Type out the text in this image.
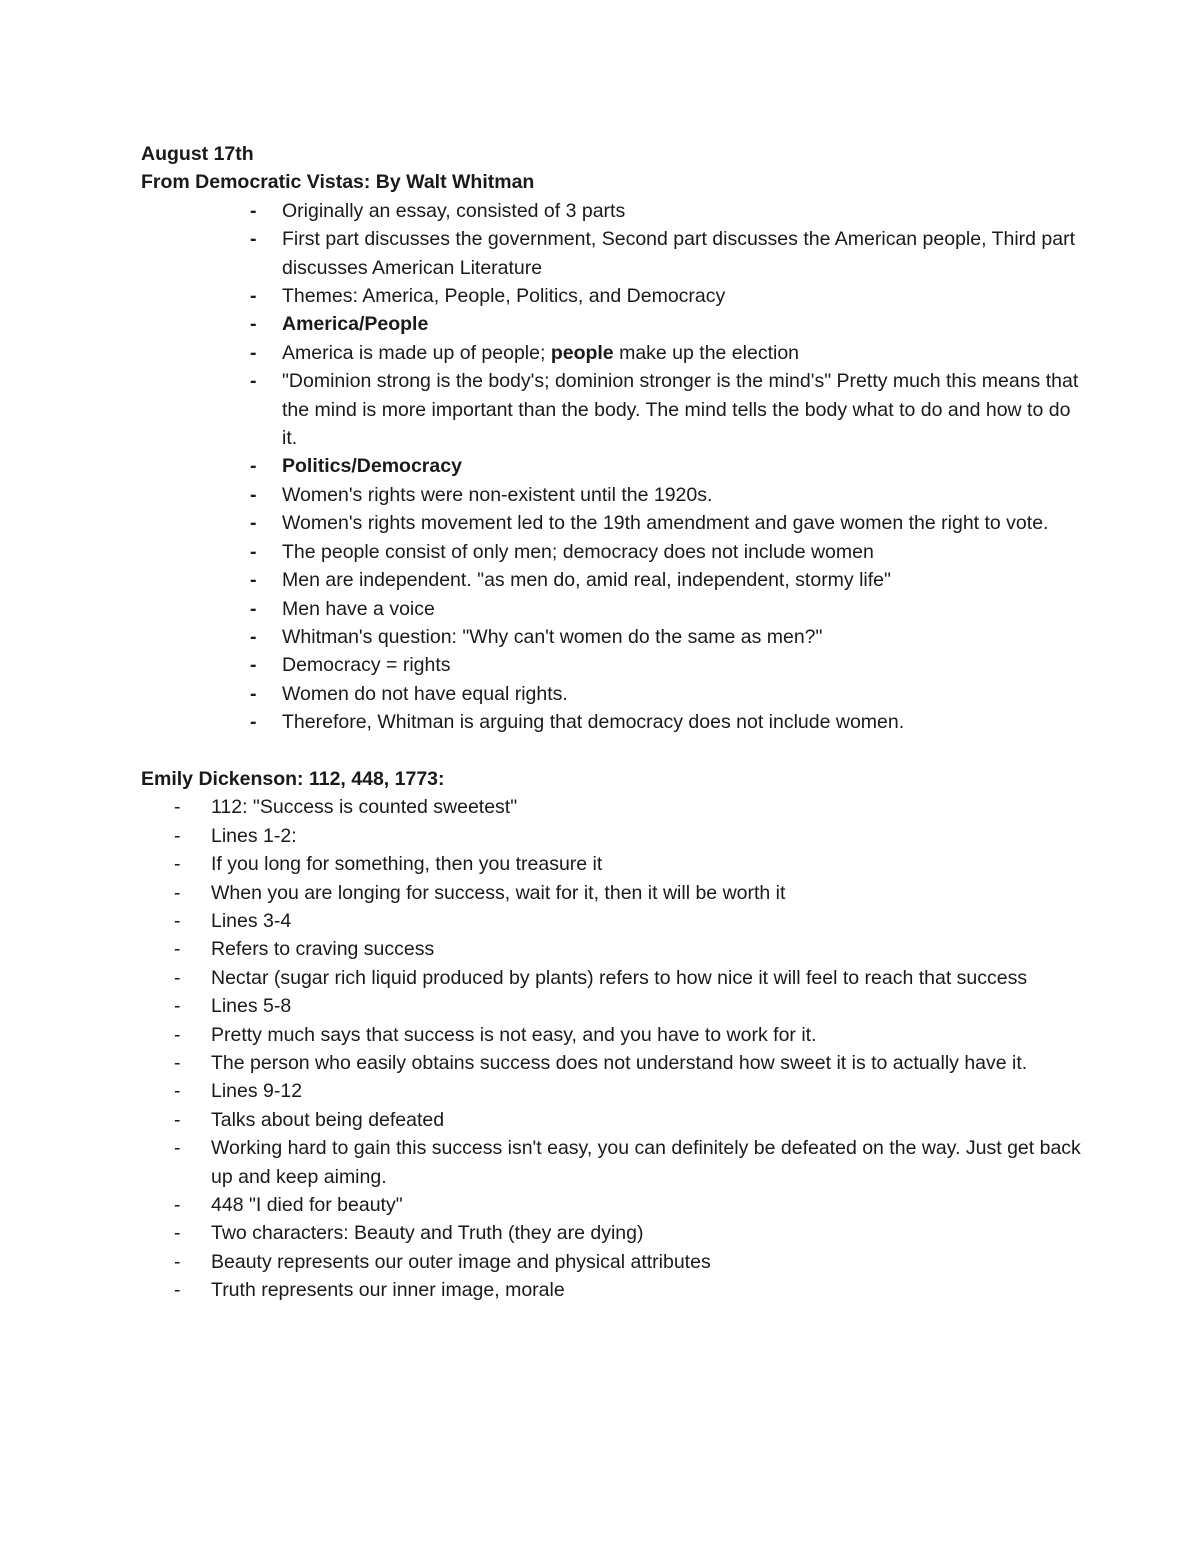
August 17th

From Democratic Vistas: By Walt Whitman

- Originally an essay, consisted of 3 parts
- First part discusses the government, Second part discusses the American people, Third part discusses American Literature
- Themes: America, People, Politics, and Democracy
- America/People
- America is made up of people; people make up the election
- "Dominion strong is the body's; dominion stronger is the mind's" Pretty much this means that the mind is more important than the body. The mind tells the body what to do and how to do it.
- Politics/Democracy
- Women's rights were non-existent until the 1920s.
- Women's rights movement led to the 19th amendment and gave women the right to vote.
- The people consist of only men; democracy does not include women
- Men are independent. "as men do, amid real, independent, stormy life"
- Men have a voice
- Whitman's question: "Why can't women do the same as men?"
- Democracy = rights
- Women do not have equal rights.
- Therefore, Whitman is arguing that democracy does not include women.

Emily Dickenson: 112, 448, 1773:

- 112: "Success is counted sweetest"
- Lines 1-2:
- If you long for something, then you treasure it
- When you are longing for success, wait for it, then it will be worth it
- Lines 3-4
- Refers to craving success
- Nectar (sugar rich liquid produced by plants) refers to how nice it will feel to reach that success
- Lines 5-8
- Pretty much says that success is not easy, and you have to work for it.
- The person who easily obtains success does not understand how sweet it is to actually have it.
- Lines 9-12
- Talks about being defeated
- Working hard to gain this success isn't easy, you can definitely be defeated on the way. Just get back up and keep aiming.
- 448 "I died for beauty"
- Two characters: Beauty and Truth (they are dying)
- Beauty represents our outer image and physical attributes
- Truth represents our inner image, morale
